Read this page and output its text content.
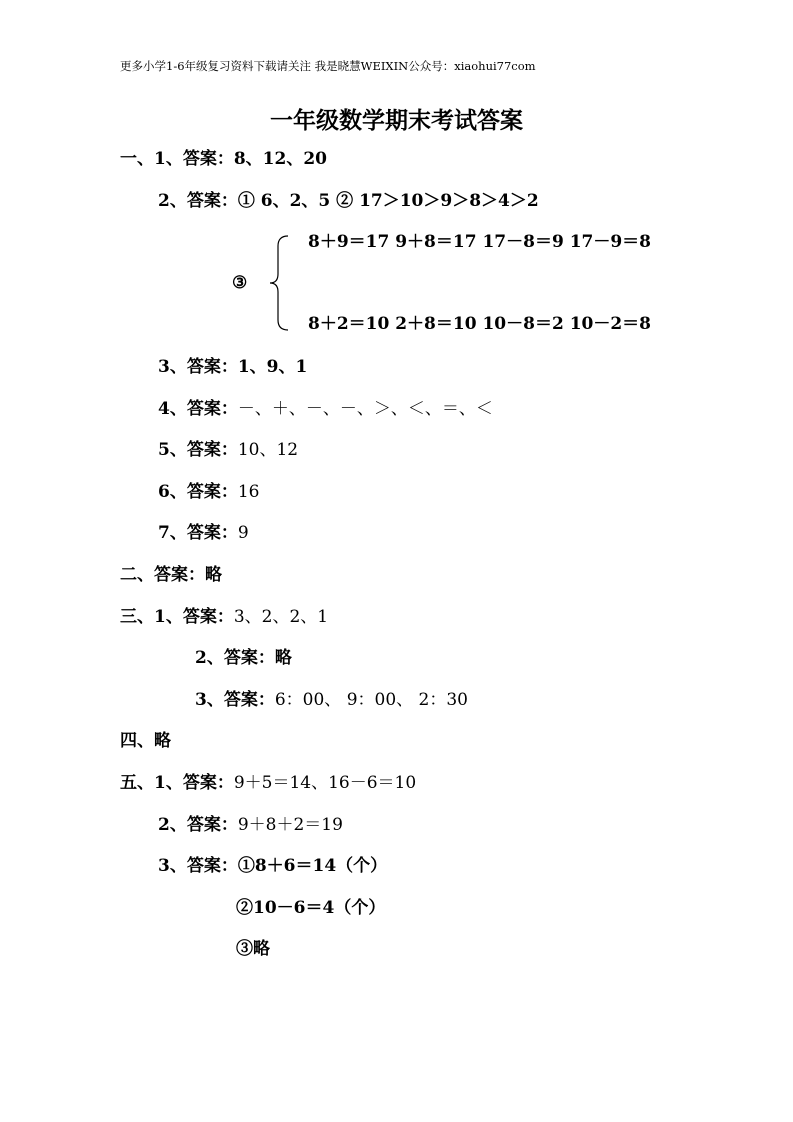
更多小学1-6年级复习资料下载请关注 我是晓慧WEIXIN公众号：xiaohui77com
一年级数学期末考试答案
一、1、答案：8、12、20
2、答案：① 6、2、5 ② 17＞10＞9＞8＞4＞2
③
8＋9＝17 9＋8＝17 17－8＝9 17－9＝8
8＋2＝10 2＋8＝10 10－8＝2 10－2＝8
3、答案：1、9、1
4、答案：－、＋、－、－、＞、＜、＝、＜
5、答案：10、12
6、答案：16
7、答案：9
二、答案：略
三、1、答案：3、2、2、1
2、答案：略
3、答案：6：00、 9：00、 2：30
四、略
五、1、答案：9＋5＝14、16－6＝10
2、答案：9＋8＋2＝19
3、答案：①8＋6＝14（个）
②10－6＝4（个）
③略
